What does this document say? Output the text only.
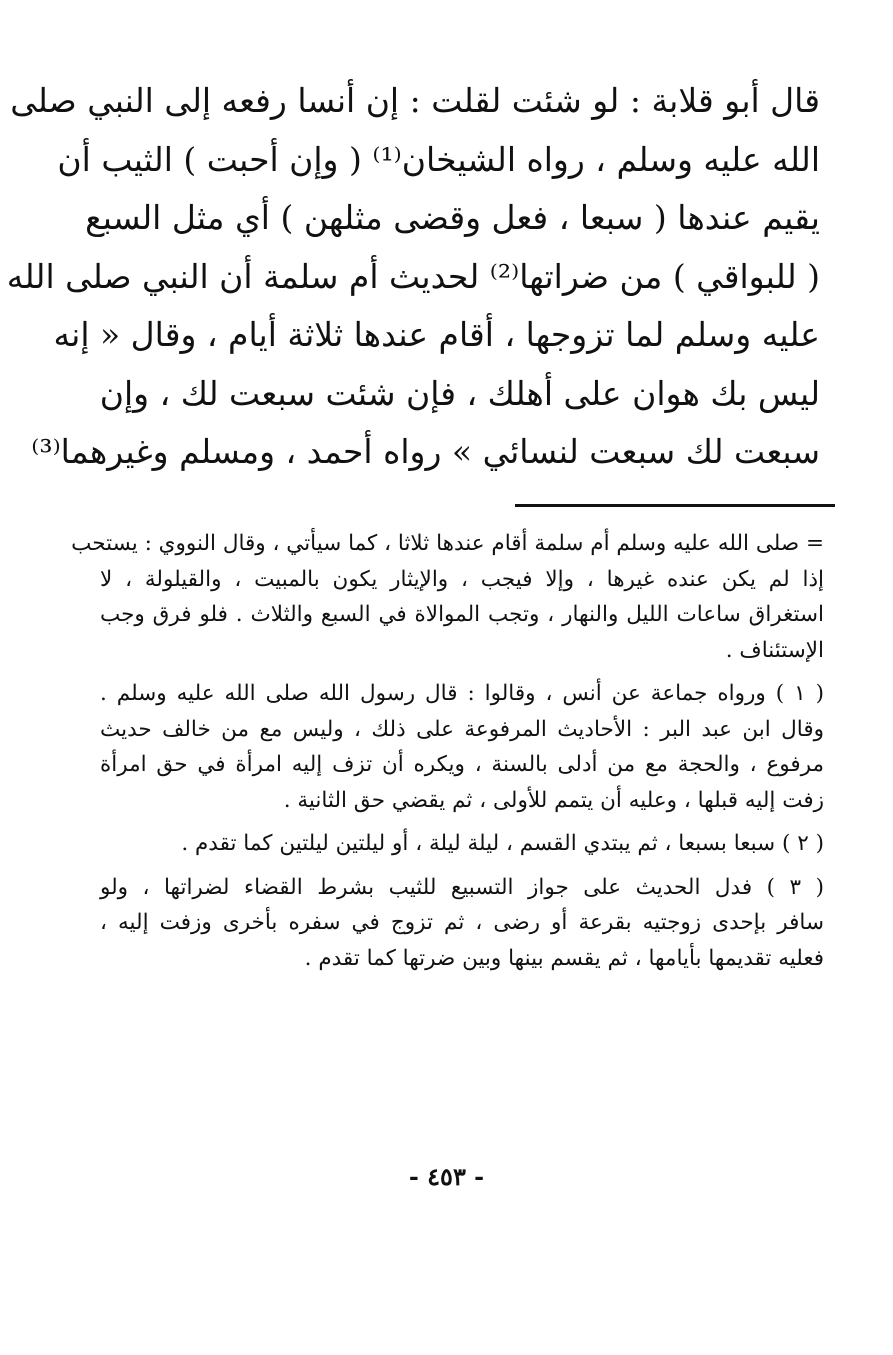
قال أبو قلابة : لو شئت لقلت : إن أنسا رفعه إلى النبي صلى
الله عليه وسلم ، رواه الشيخان⁽¹⁾ ( وإن أحبت ) الثيب أن
يقيم عندها ( سبعا ، فعل وقضى مثلهن ) أي مثل السبع
( للبواقي ) من ضراتها⁽²⁾ لحديث أم سلمة أن النبي صلى الله
عليه وسلم لما تزوجها ، أقام عندها ثلاثة أيام ، وقال « إنه
ليس بك هوان على أهلك ، فإن شئت سبعت لك ، وإن
سبعت لك سبعت لنسائي » رواه أحمد ، ومسلم وغيرهما⁽³⁾
= صلى الله عليه وسلم أم سلمة أقام عندها ثلاثا ، كما سيأتي ، وقال النووي : يستحب
إذا لم يكن عنده غيرها ، وإلا فيجب ، والإيثار يكون بالمبيت ، والقيلولة ، لا
استغراق ساعات الليل والنهار ، وتجب الموالاة في السبع والثلاث . فلو فرق وجب
الإستئناف .
( ١ ) ورواه جماعة عن أنس ، وقالوا : قال رسول الله صلى الله عليه وسلم .
وقال ابن عبد البر : الأحاديث المرفوعة على ذلك ، وليس مع من خالف حديث
مرفوع ، والحجة مع من أدلى بالسنة ، ويكره أن تزف إليه امرأة في حق امرأة
زفت إليه قبلها ، وعليه أن يتمم للأولى ، ثم يقضي حق الثانية .
( ٢ ) سبعا بسبعا ، ثم يبتدي القسم ، ليلة ليلة ، أو ليلتين ليلتين كما تقدم .
( ٣ ) فدل الحديث على جواز التسبيع للثيب بشرط القضاء لضراتها ، ولو
سافر بإحدى زوجتيه بقرعة أو رضى ، ثم تزوج في سفره بأخرى وزفت إليه ،
فعليه تقديمها بأيامها ، ثم يقسم بينها وبين ضرتها كما تقدم .
- ٤٥٣ -
